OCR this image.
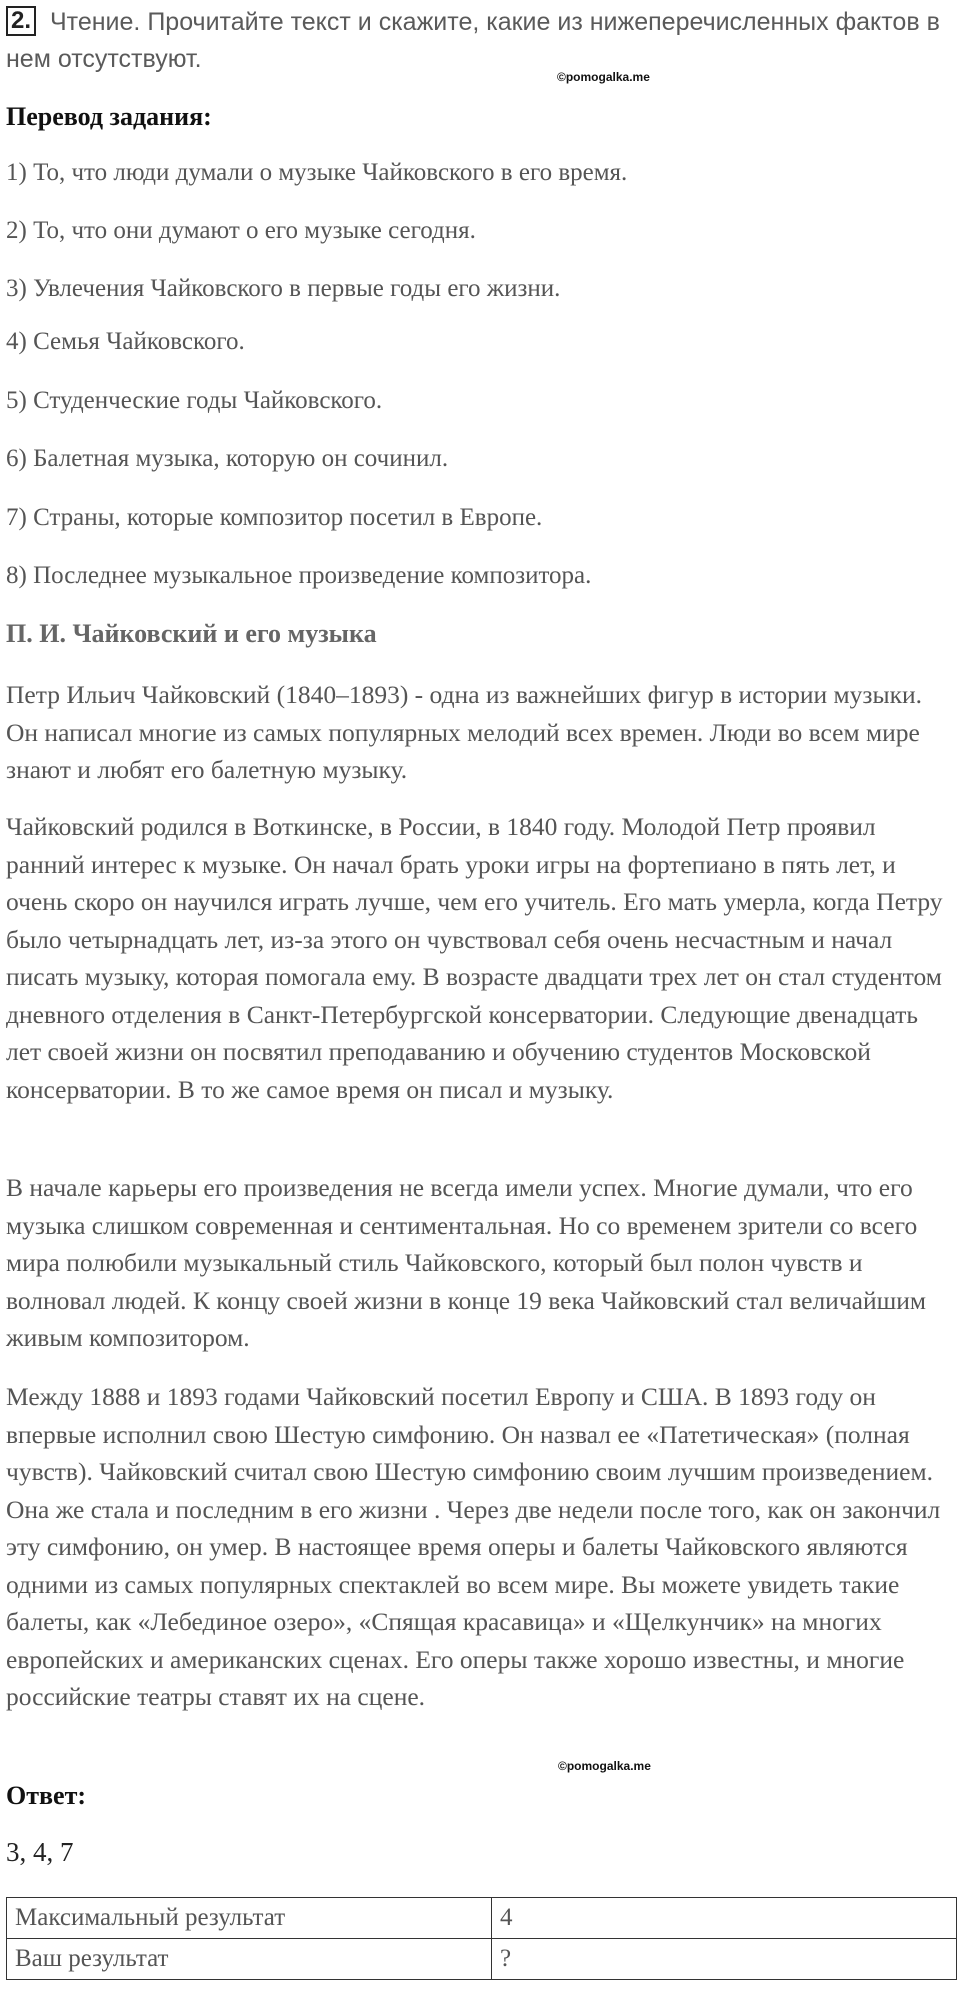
2. Чтение. Прочитайте текст и скажите, какие из нижеперечисленных фактов в нем отсутствуют.
©pomogalka.me
Перевод задания:
1) То, что люди думали о музыке Чайковского в его время.
2) То, что они думают о его музыке сегодня.
3) Увлечения Чайковского в первые годы его жизни.
4) Семья Чайковского.
5) Студенческие годы Чайковского.
6) Балетная музыка, которую он сочинил.
7) Страны, которые композитор посетил в Европе.
8) Последнее музыкальное произведение композитора.
П. И. Чайковский и его музыка

Петр Ильич Чайковский (1840–1893) - одна из важнейших фигур в истории музыки. Он написал многие из самых популярных мелодий всех времен. Люди во всем мире знают и любят его балетную музыку.

Чайковский родился в Воткинске, в России, в 1840 году. Молодой Петр проявил ранний интерес к музыке. Он начал брать уроки игры на фортепиано в пять лет, и очень скоро он научился играть лучше, чем его учитель. Его мать умерла, когда Петру было четырнадцать лет, из-за этого он чувствовал себя очень несчастным и начал писать музыку, которая помогала ему. В возрасте двадцати трех лет он стал студентом дневного отделения в Санкт-Петербургской консерватории. Следующие двенадцать лет своей жизни он посвятил преподаванию и обучению студентов Московской консерватории. В то же самое время он писал и музыку.

В начале карьеры его произведения не всегда имели успех. Многие думали, что его музыка слишком современная и сентиментальная. Но со временем зрители со всего мира полюбили музыкальный стиль Чайковского, который был полон чувств и волновал людей. К концу своей жизни в конце 19 века Чайковский стал величайшим живым композитором.

Между 1888 и 1893 годами Чайковский посетил Европу и США. В 1893 году он впервые исполнил свою Шестую симфонию. Он назвал ее «Патетическая» (полная чувств). Чайковский считал свою Шестую симфонию своим лучшим произведением. Она же стала и последним в его жизни . Через две недели после того, как он закончил эту симфонию, он умер. В настоящее время оперы и балеты Чайковского являются одними из самых популярных спектаклей во всем мире. Вы можете увидеть такие балеты, как «Лебединое озеро», «Спящая красавица» и «Щелкунчик» на многих европейских и американских сценах. Его оперы также хорошо известны, и многие российские театры ставят их на сцене.

©pomogalka.me
Ответ:
3, 4, 7
Максимальный результат	4
Ваш результат	?
